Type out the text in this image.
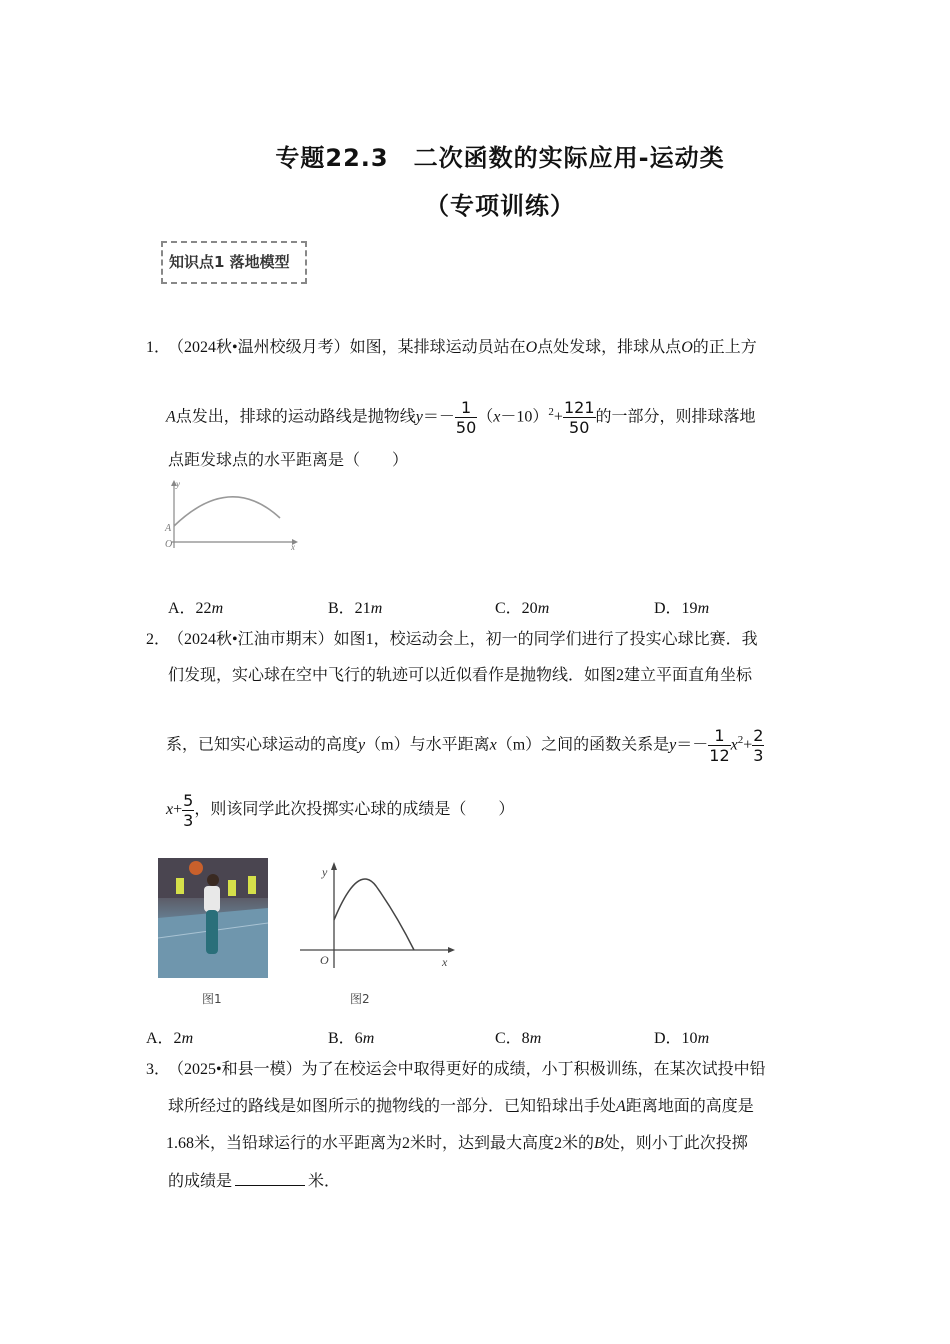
专题22.3　二次函数的实际应用-运动类
（专项训练）
知识点1 落地模型
1．
（2024秋•温州校级月考）如图，某排球运动员站在O点处发球，排球从点O的正上方
A点发出，排球的运动路线是抛物线$y=- \frac{1}{50} (x-10)^2+ \frac{121}{50}$ 的一部分，则排球落地
点距发球点的水平距离是（　　）
O
A
y
x
A．22m	B．21m	C．20m	D．19m
2．
（2024秋•江油市期末）如图1，校运动会上，初一的同学们进行了投实心球比赛．我
们发现，实心球在空中飞行的轨迹可以近似看作是抛物线．如图2建立平面直角坐标
系，已知实心球运动的高度y（m）与水平距离x（m）之间的函数关系是$y=- \frac{1}{12} x^2+ \frac{2}{3}$
$x+ \frac{5}{3}$ ，则该同学此次投掷实心球的成绩是（　　）
图1
O
y
x
图2
A．2m	B．6m	C．8m	D．10m
3．
（2025•和县一模）为了在校运会中取得更好的成绩，小丁积极训练，在某次试投中铅
球所经过的路线是如图所示的抛物线的一部分．已知铅球出手处A距离地面的高度是
1.68米，当铅球运行的水平距离为2米时，达到最大高度2米的B处，则小丁此次投掷
的成绩是	米．
